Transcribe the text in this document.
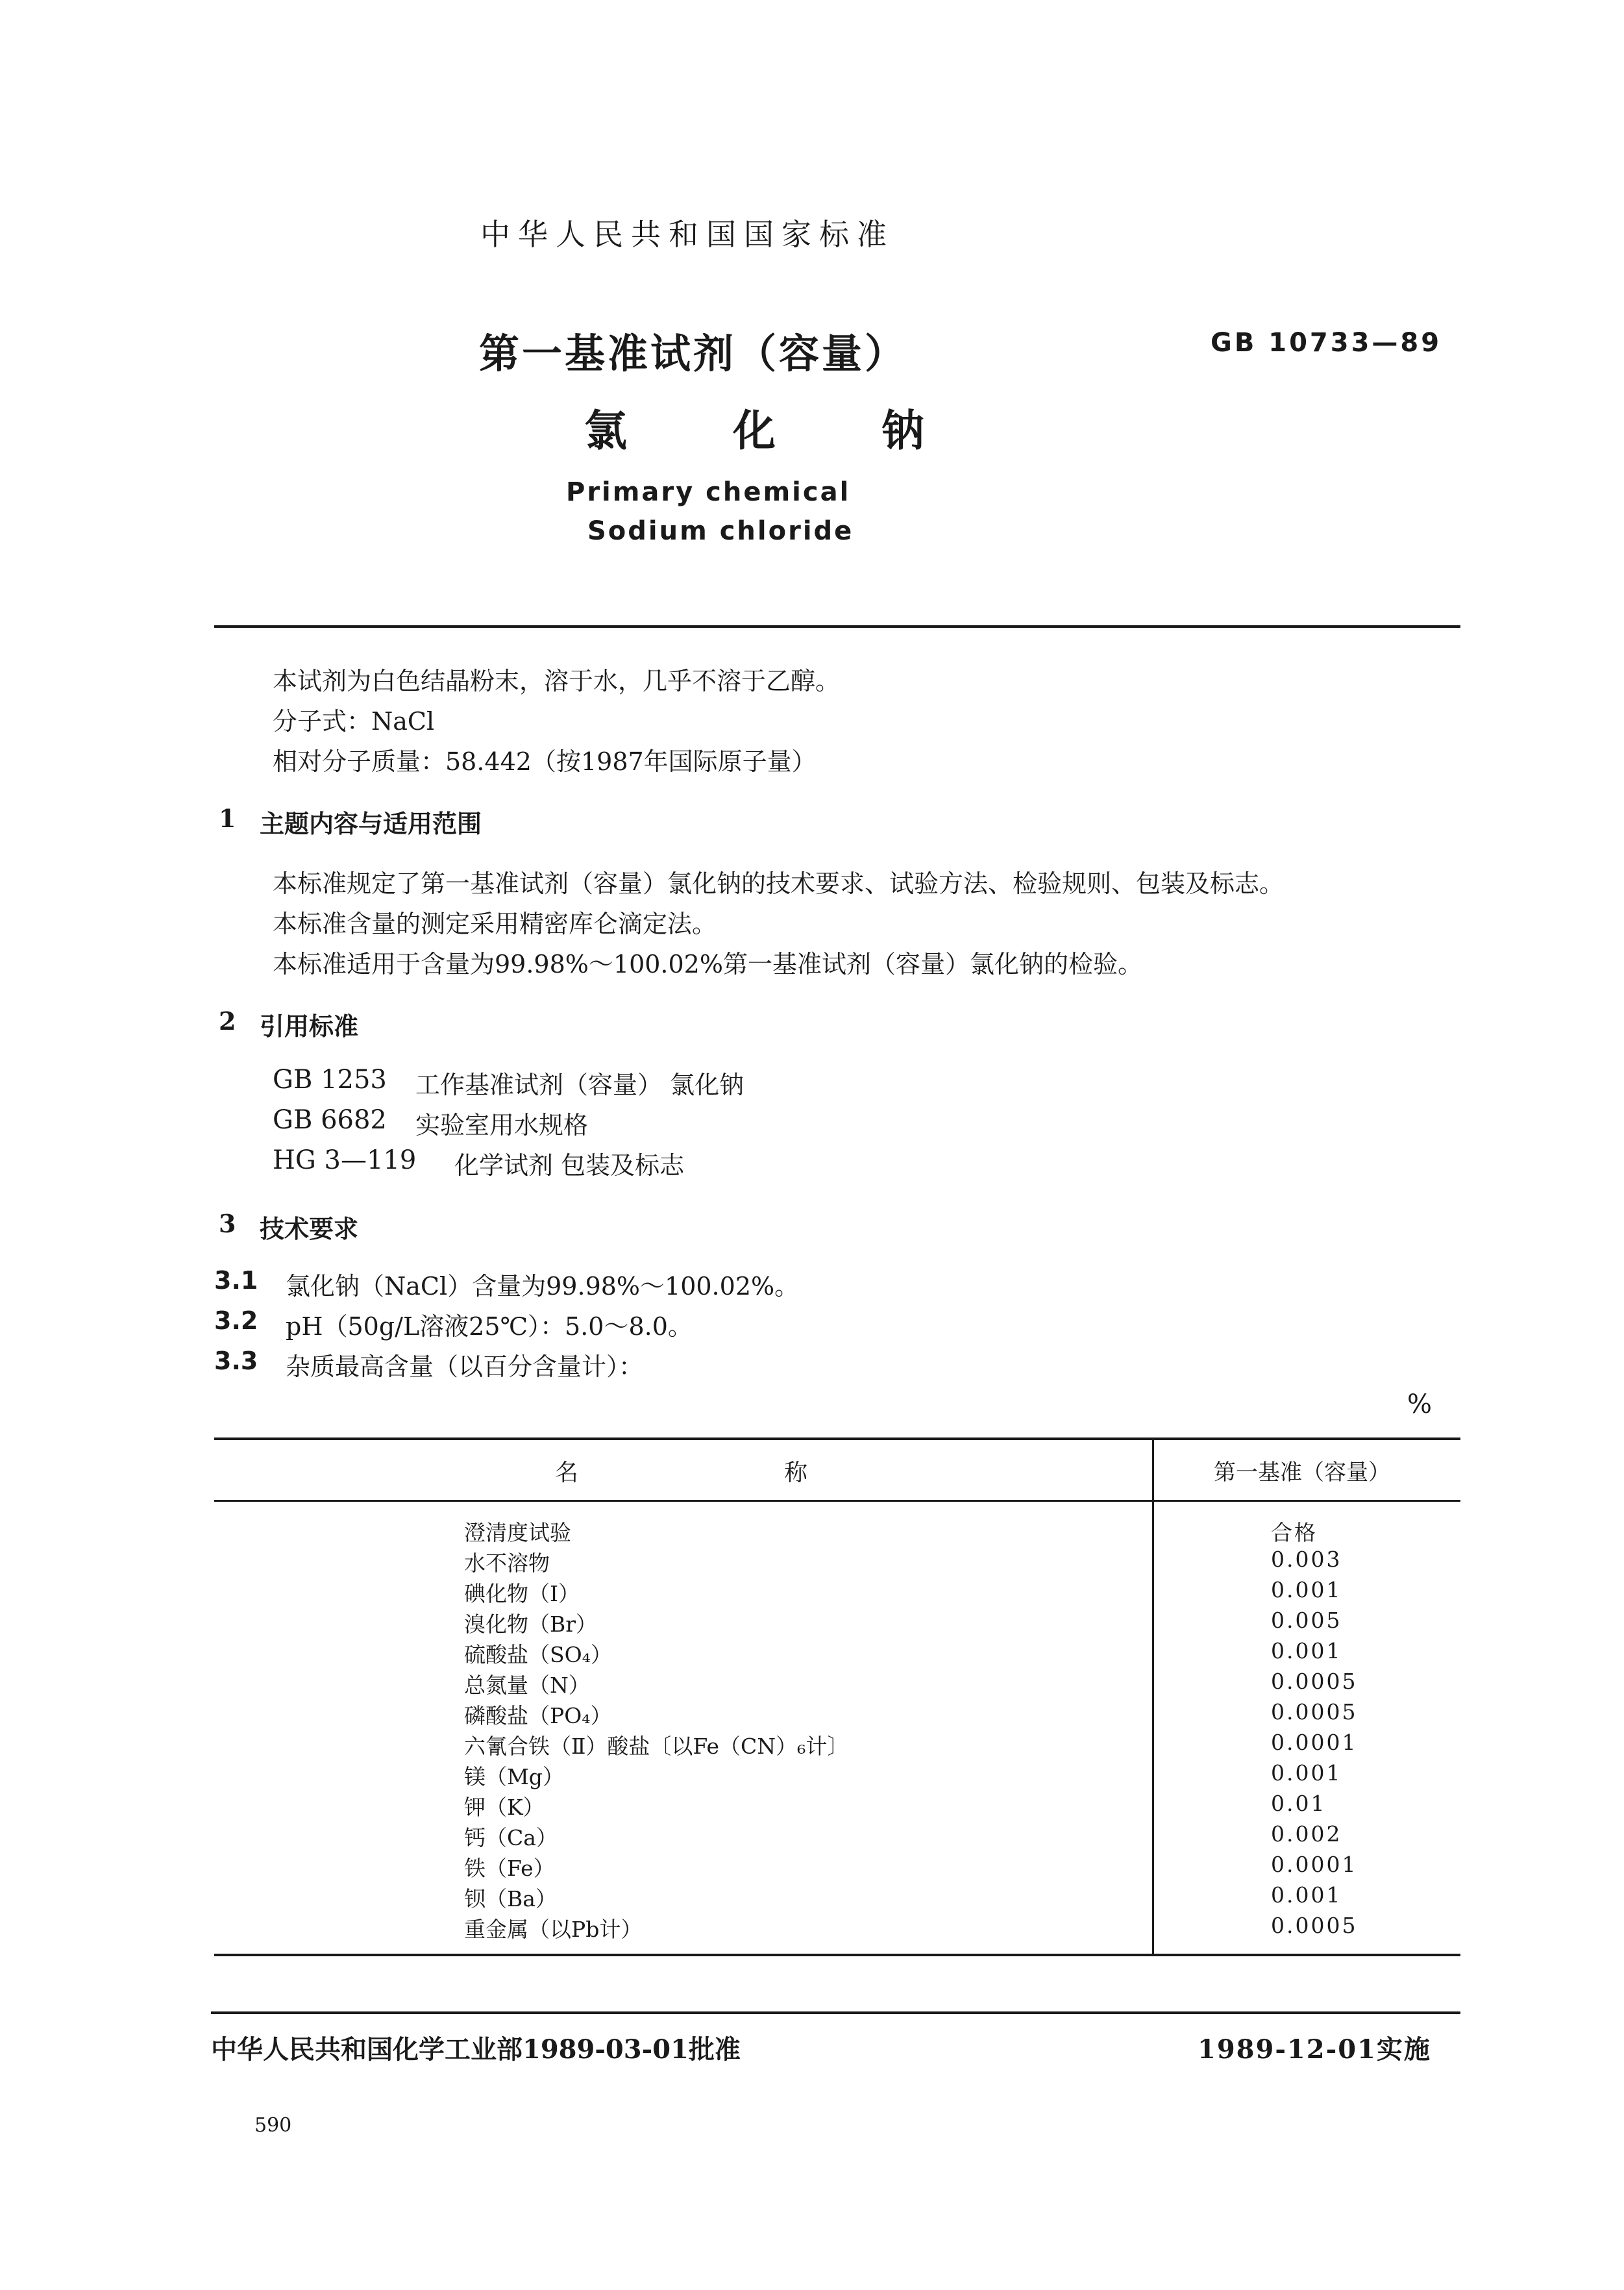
中华人民共和国国家标准
第一基准试剂（容量）
氯 化 钠
GB 10733—89
Primary chemical
Sodium chloride
本试剂为白色结晶粉末，溶于水，几乎不溶于乙醇。
分子式：NaCl
相对分子质量：58.442（按1987年国际原子量）
1 主题内容与适用范围
本标准规定了第一基准试剂（容量）氯化钠的技术要求、试验方法、检验规则、包装及标志。
本标准含量的测定采用精密库仑滴定法。
本标准适用于含量为99.98%～100.02%第一基准试剂（容量）氯化钠的检验。
2 引用标准
GB 1253 工作基准试剂（容量） 氯化钠
GB 6682 实验室用水规格
HG 3—119 化学试剂 包装及标志
3 技术要求
3.1 氯化钠（NaCl）含量为99.98%～100.02%。
3.2 pH（50g/L溶液25℃）：5.0～8.0。
3.3 杂质最高含量（以百分含量计）：
%
名	称	第一基准（容量）
澄清度试验	合格
水不溶物	0.003
碘化物（I）	0.001
溴化物（Br）	0.005
硫酸盐（SO₄）	0.001
总氮量（N）	0.0005
磷酸盐（PO₄）	0.0005
六氰合铁（Ⅱ）酸盐〔以Fe（CN）₆计〕	0.0001
镁（Mg）	0.001
钾（K）	0.01
钙（Ca）	0.002
铁（Fe）	0.0001
钡（Ba）	0.001
重金属（以Pb计）	0.0005
中华人民共和国化学工业部1989-03-01批准	1989-12-01实施
590
